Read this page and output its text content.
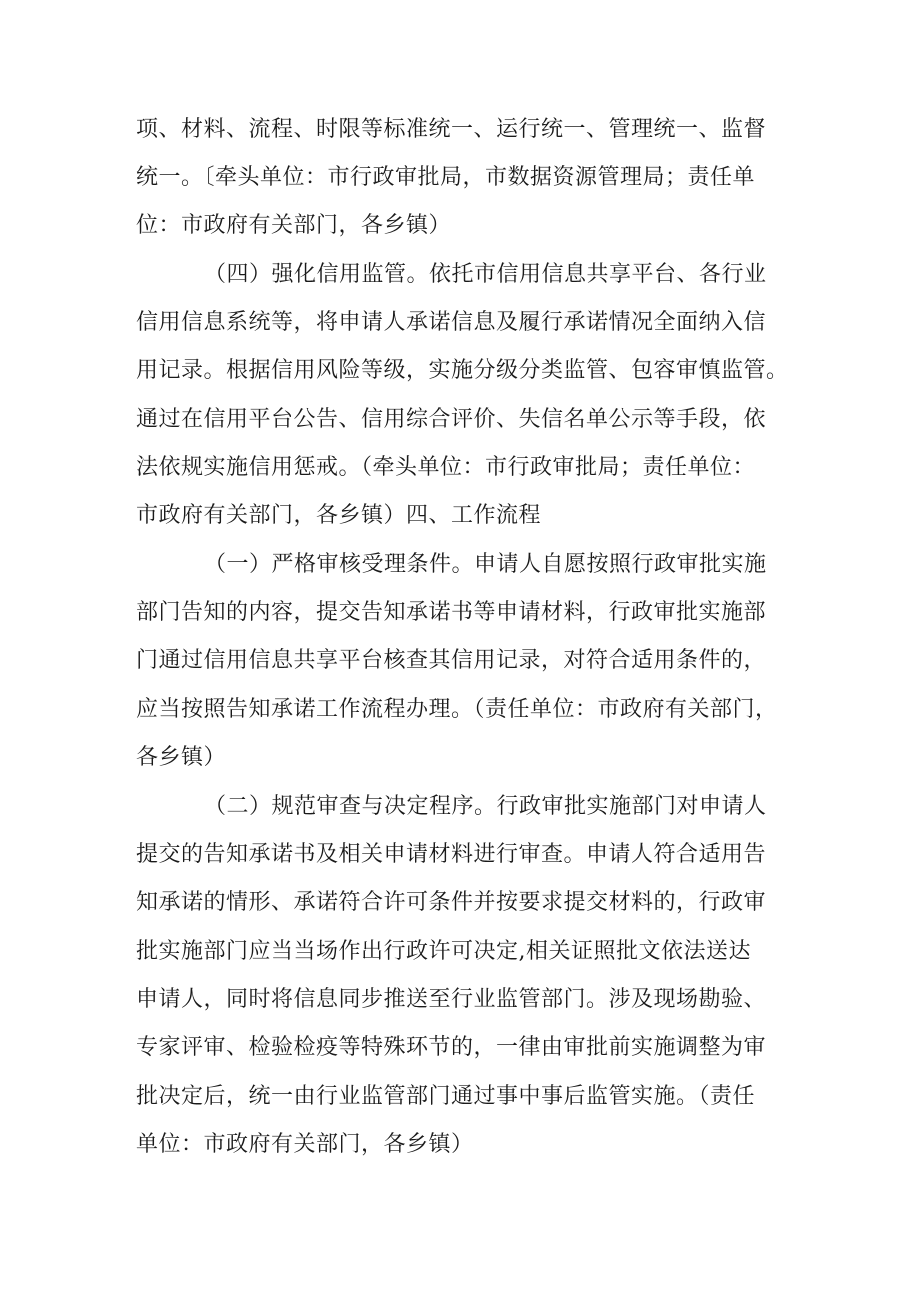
项、材料、流程、时限等标准统一、运行统一、管理统一、监督
统一。〔牵头单位：市行政审批局，市数据资源管理局；责任单
位：市政府有关部门，各乡镇）
（四）强化信用监管。依托市信用信息共享平台、各行业
信用信息系统等，将申请人承诺信息及履行承诺情况全面纳入信
用记录。根据信用风险等级，实施分级分类监管、包容审慎监管。
通过在信用平台公告、信用综合评价、失信名单公示等手段，依
法依规实施信用惩戒。（牵头单位：市行政审批局；责任单位：
市政府有关部门，各乡镇）四、工作流程
（一）严格审核受理条件。申请人自愿按照行政审批实施
部门告知的内容，提交告知承诺书等申请材料，行政审批实施部
门通过信用信息共享平台核查其信用记录，对符合适用条件的，
应当按照告知承诺工作流程办理。（责任单位：市政府有关部门，
各乡镇）
（二）规范审查与决定程序。行政审批实施部门对申请人
提交的告知承诺书及相关申请材料进行审查。申请人符合适用告
知承诺的情形、承诺符合许可条件并按要求提交材料的，行政审
批实施部门应当当场作出行政许可决定,相关证照批文依法送达
申请人，同时将信息同步推送至行业监管部门。涉及现场勘验、
专家评审、检验检疫等特殊环节的，一律由审批前实施调整为审
批决定后，统一由行业监管部门通过事中事后监管实施。（责任
单位：市政府有关部门，各乡镇）
